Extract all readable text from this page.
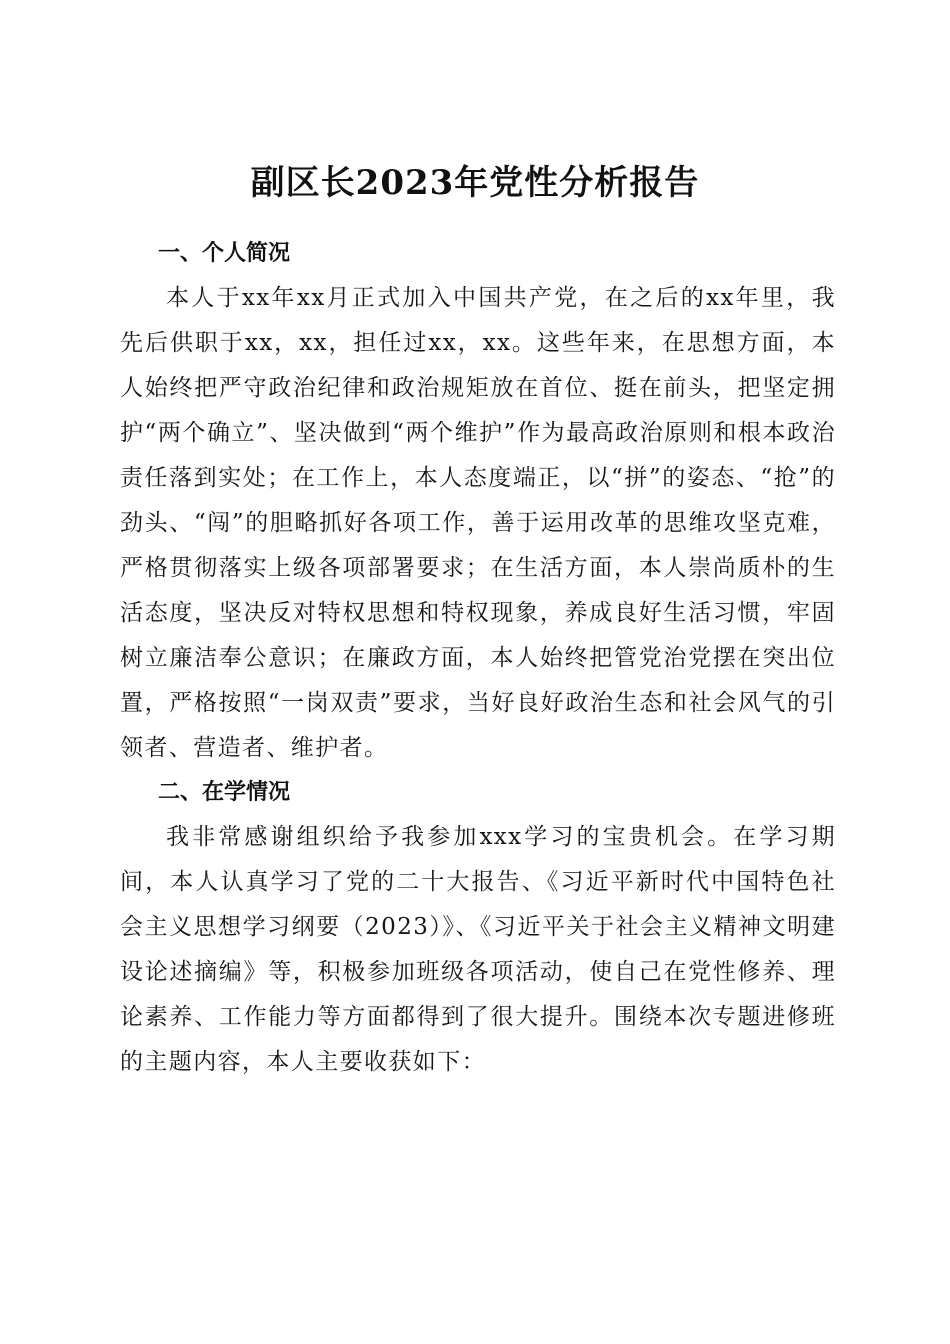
副区长2023年党性分析报告
一、个人简况

本人于xx年xx月正式加入中国共产党，在之后的xx年里，我先后供职于xx，xx，担任过xx，xx。这些年来，在思想方面，本人始终把严守政治纪律和政治规矩放在首位、挺在前头，把坚定拥护“两个确立”、坚决做到“两个维护”作为最高政治原则和根本政治责任落到实处；在工作上，本人态度端正，以“拼”的姿态、“抢”的劲头、“闯”的胆略抓好各项工作，善于运用改革的思维攻坚克难，严格贯彻落实上级各项部署要求；在生活方面，本人崇尚质朴的生活态度，坚决反对特权思想和特权现象，养成良好生活习惯，牢固树立廉洁奉公意识；在廉政方面，本人始终把管党治党摆在突出位置，严格按照“一岗双责”要求，当好良好政治生态和社会风气的引领者、营造者、维护者。

二、在学情况

我非常感谢组织给予我参加xxx学习的宝贵机会。在学习期间，本人认真学习了党的二十大报告、《习近平新时代中国特色社会主义思想学习纲要（2023）》、《习近平关于社会主义精神文明建设论述摘编》等，积极参加班级各项活动，使自己在党性修养、理论素养、工作能力等方面都得到了很大提升。围绕本次专题进修班的主题内容，本人主要收获如下：
